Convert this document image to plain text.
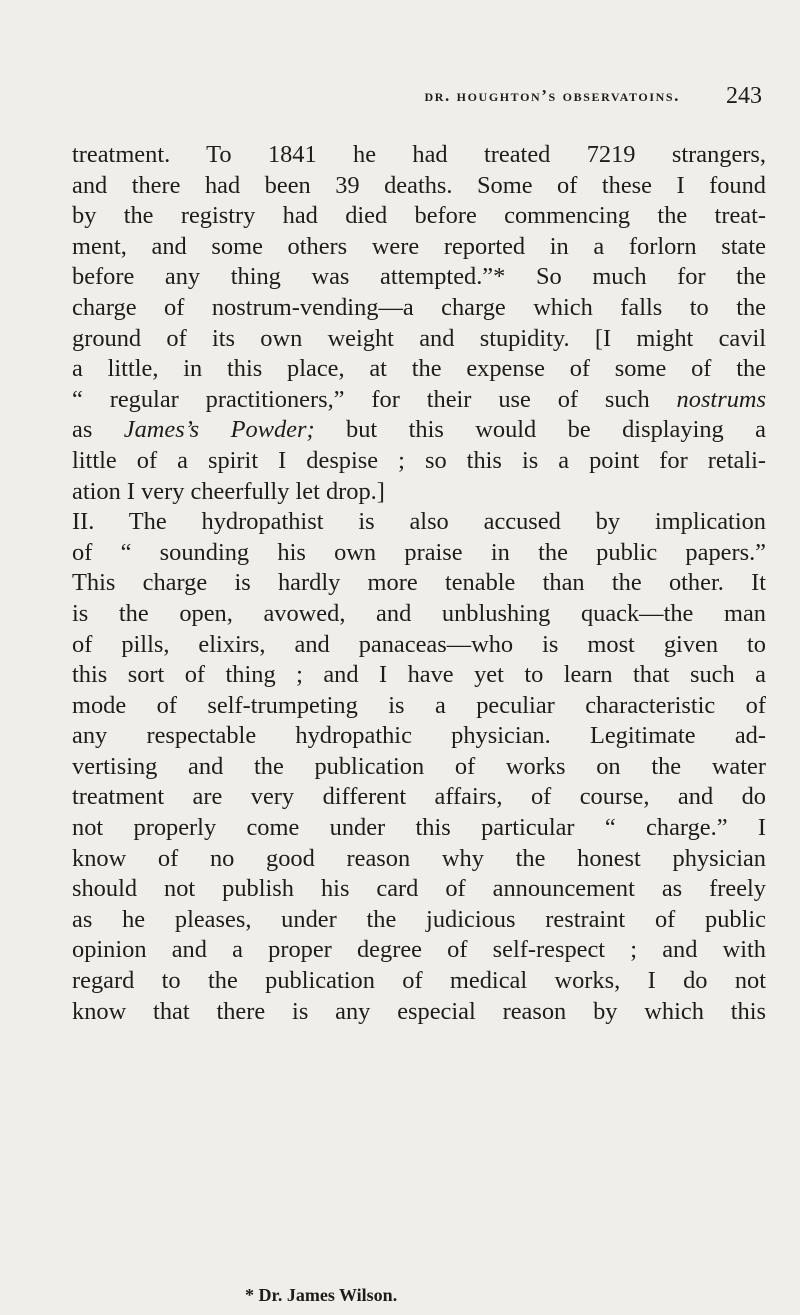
dr. houghton’s observatoins. 243
treatment. To 1841 he had treated 7219 strangers,
and there had been 39 deaths. Some of these I found
by the registry had died before commencing the treat-
ment, and some others were reported in a forlorn state
before any thing was attempted.”* So much for the
charge of nostrum-vending—a charge which falls to the
ground of its own weight and stupidity. [I might cavil
a little, in this place, at the expense of some of the
“ regular practitioners,” for their use of such nostrums
as James’s Powder; but this would be displaying a
little of a spirit I despise ; so this is a point for retali-
ation I very cheerfully let drop.]
II. The hydropathist is also accused by implication
of “ sounding his own praise in the public papers.”
This charge is hardly more tenable than the other. It
is the open, avowed, and unblushing quack—the man
of pills, elixirs, and panaceas—who is most given to
this sort of thing ; and I have yet to learn that such a
mode of self-trumpeting is a peculiar characteristic of
any respectable hydropathic physician. Legitimate ad-
vertising and the publication of works on the water
treatment are very different affairs, of course, and do
not properly come under this particular “ charge.” I
know of no good reason why the honest physician
should not publish his card of announcement as freely
as he pleases, under the judicious restraint of public
opinion and a proper degree of self-respect ; and with
regard to the publication of medical works, I do not
know that there is any especial reason by which this
* Dr. James Wilson.
